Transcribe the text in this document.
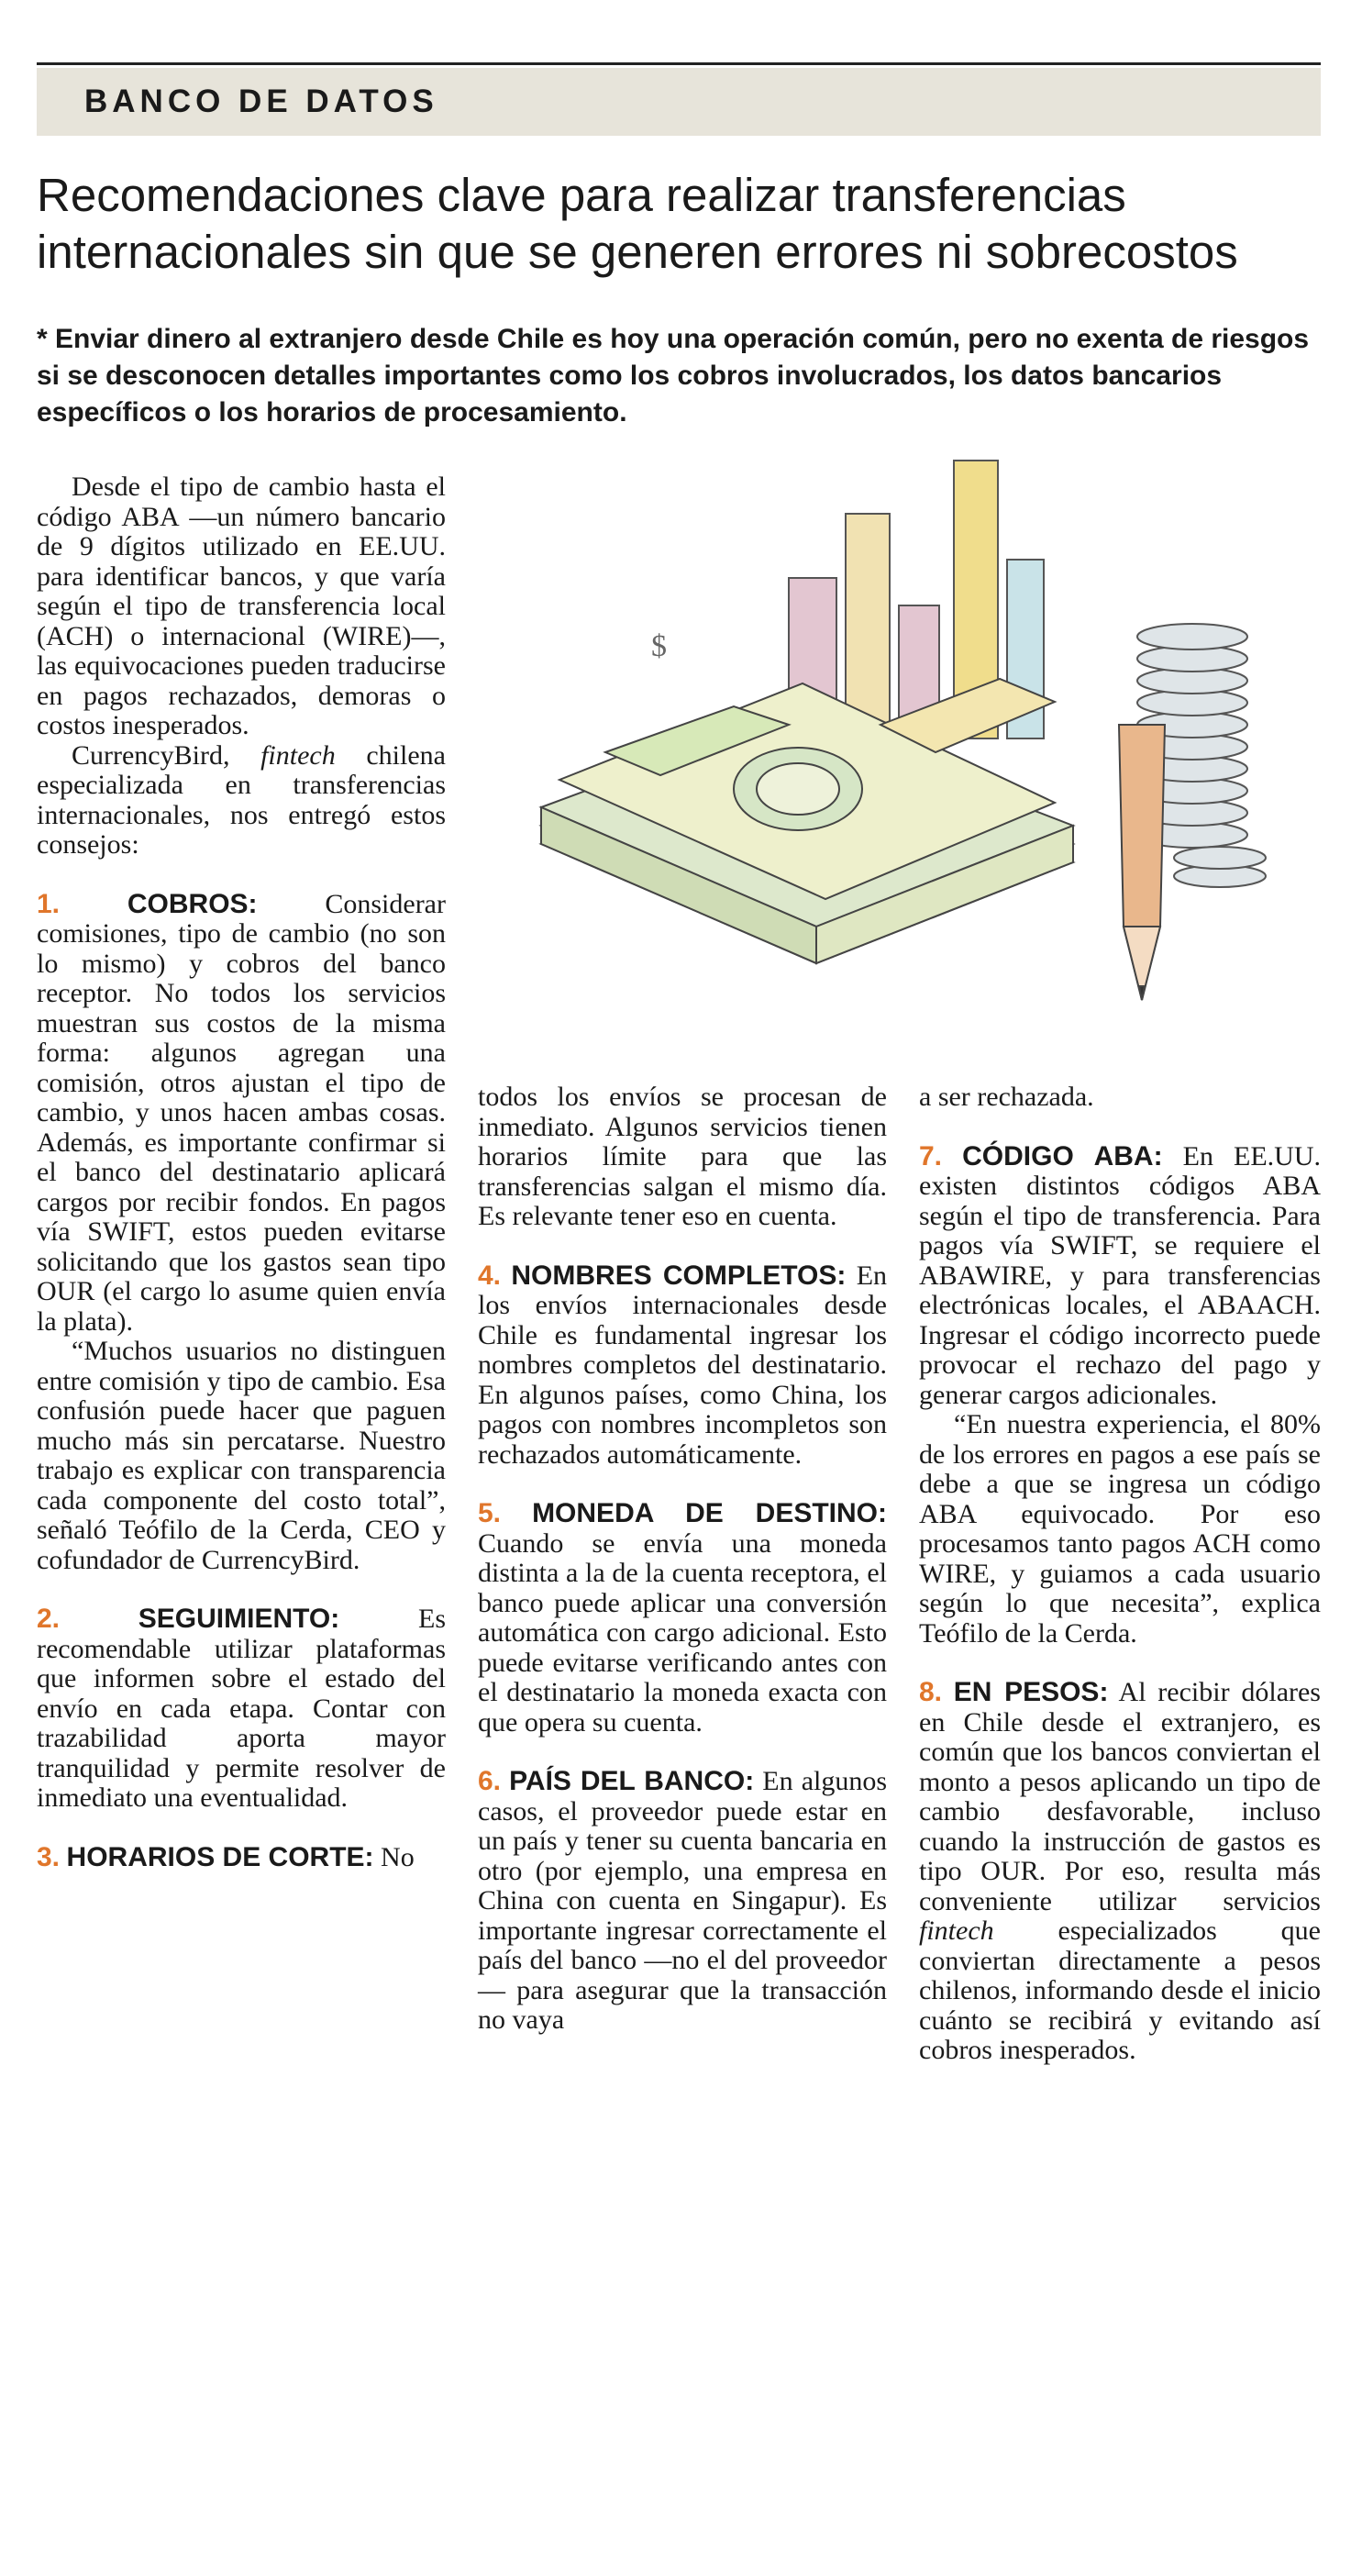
BANCO DE DATOS
Recomendaciones clave para realizar transferencias
internacionales sin que se generen errores ni sobrecostos

* Enviar dinero al extranjero desde Chile es hoy una operación común, pero no exenta de riesgos si se desconocen detalles importantes como los cobros involucrados, los datos bancarios específicos o los horarios de procesamiento.

$

Desde el tipo de cambio hasta el código ABA —un número bancario de 9 dígitos utilizado en EE.UU. para identificar bancos, y que varía según el tipo de transferencia local (ACH) o internacional (WIRE)—, las equivocaciones pueden traducirse en pagos rechazados, demoras o costos inesperados.

CurrencyBird, fintech chilena especializada en transferencias internacionales, nos entregó estos consejos:

1. COBROS: Considerar comisiones, tipo de cambio (no son lo mismo) y cobros del banco receptor. No todos los servicios muestran sus costos de la misma forma: algunos agregan una comisión, otros ajustan el tipo de cambio, y unos hacen ambas cosas. Además, es importante confirmar si el banco del destinatario aplicará cargos por recibir fondos. En pagos vía SWIFT, estos pueden evitarse solicitando que los gastos sean tipo OUR (el cargo lo asume quien envía la plata).

“Muchos usuarios no distinguen entre comisión y tipo de cambio. Esa confusión puede hacer que paguen mucho más sin percatarse. Nuestro trabajo es explicar con transparencia cada componente del costo total”, señaló Teófilo de la Cerda, CEO y cofundador de CurrencyBird.

2.	SEGUIMIENTO:	Es recomendable utilizar plataformas que informen sobre el estado del envío en cada etapa. Contar con trazabilidad aporta mayor tranquilidad y permite resolver de inmediato una eventualidad.

3. HORARIOS DE CORTE: No

todos los envíos se procesan de inmediato. Algunos servicios tienen horarios límite para que las transferencias salgan el mismo día. Es relevante tener eso en cuenta.

4. NOMBRES COMPLETOS: En los envíos internacionales desde Chile es fundamental ingresar los nombres completos del destinatario. En algunos países, como China, los pagos con nombres incompletos son rechazados automáticamente.

5. MONEDA DE DESTINO: Cuando se envía una moneda distinta a la de la cuenta receptora, el banco puede aplicar una conversión automática con cargo adicional. Esto puede evitarse verificando antes con el destinatario la moneda exacta con que opera su cuenta.

6. PAÍS DEL BANCO: En algunos casos, el proveedor puede estar en un país y tener su cuenta bancaria en otro (por ejemplo, una empresa en China con cuenta en Singapur). Es importante ingresar correctamente el país del banco —no el del proveedor— para asegurar que la transacción no vaya

a ser rechazada.

7. CÓDIGO ABA: En EE.UU. existen distintos códigos ABA según el tipo de transferencia. Para pagos vía SWIFT, se requiere el ABAWIRE, y para transferencias electrónicas locales, el ABAACH. Ingresar el código incorrecto puede provocar el rechazo del pago y generar cargos adicionales.

“En nuestra experiencia, el 80% de los errores en pagos a ese país se debe a que se ingresa un código ABA equivocado. Por eso procesamos tanto pagos ACH como WIRE, y guiamos a cada usuario según lo que necesita”, explica Teófilo de la Cerda.

8. EN PESOS: Al recibir dólares en Chile desde el extranjero, es común que los bancos conviertan el monto a pesos aplicando un tipo de cambio desfavorable, incluso cuando la instrucción de gastos es tipo OUR. Por eso, resulta más conveniente utilizar servicios fintech especializados que conviertan directamente a pesos chilenos, informando desde el inicio cuánto se recibirá y evitando así cobros inesperados.
